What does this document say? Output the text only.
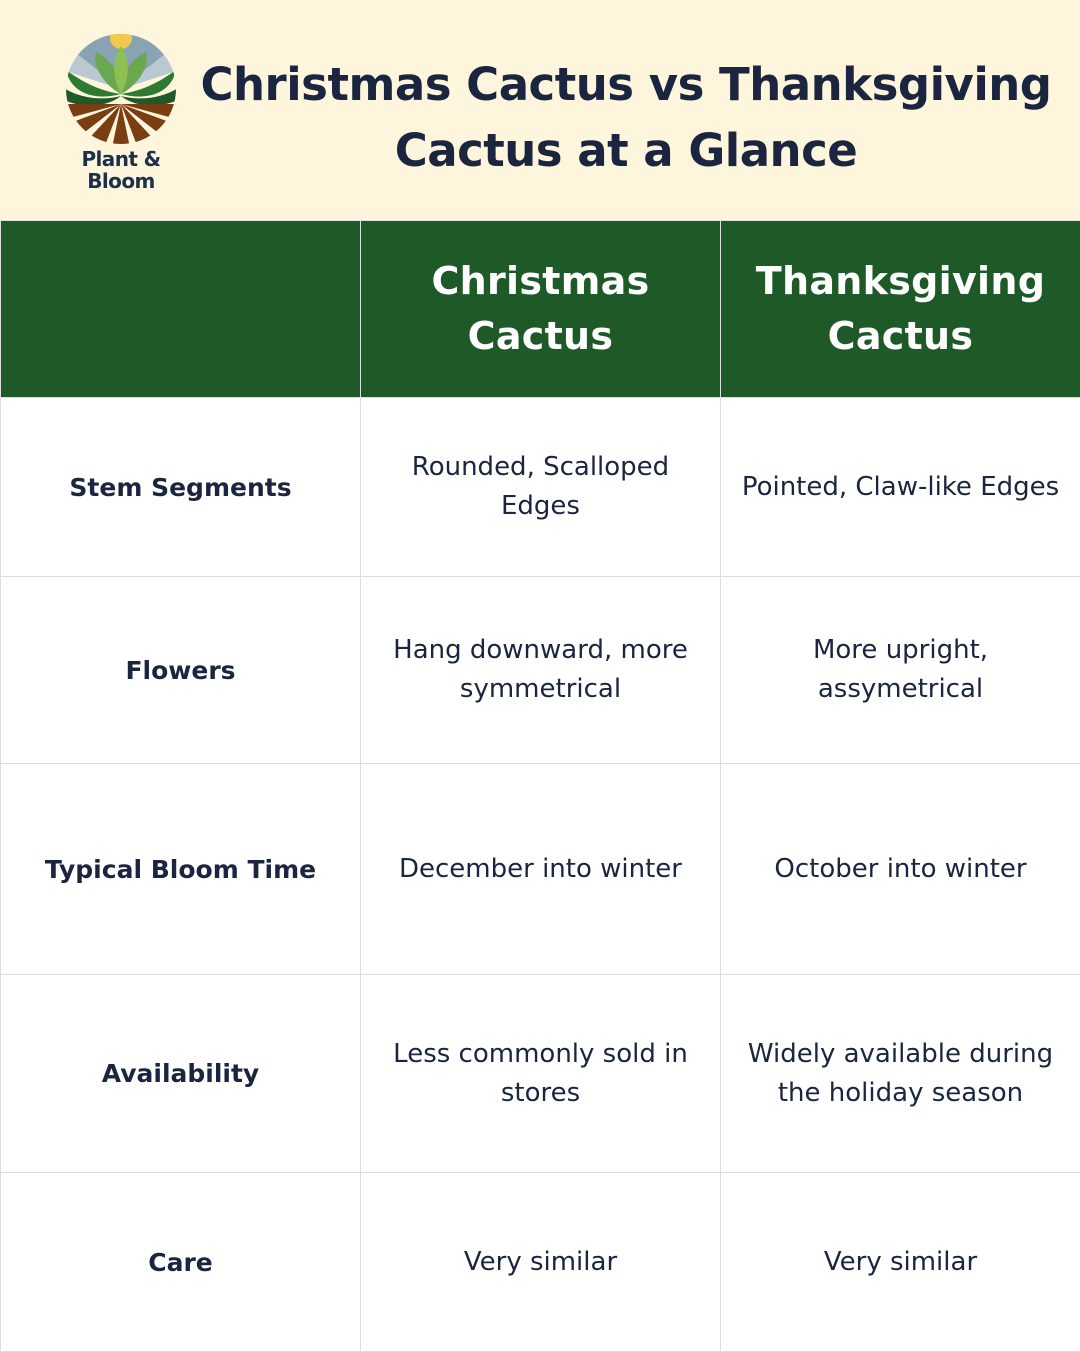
Plant &
Bloom
Christmas Cactus vs Thanksgiving Cactus at a Glance
	Christmas Cactus	Thanksgiving Cactus
Stem Segments	Rounded, Scalloped Edges	Pointed, Claw-like Edges
Flowers	Hang downward, more symmetrical	More upright, assymetrical
Typical Bloom Time	December into winter	October into winter
Availability	Less commonly sold in stores	Widely available during the holiday season
Care	Very similar	Very similar
